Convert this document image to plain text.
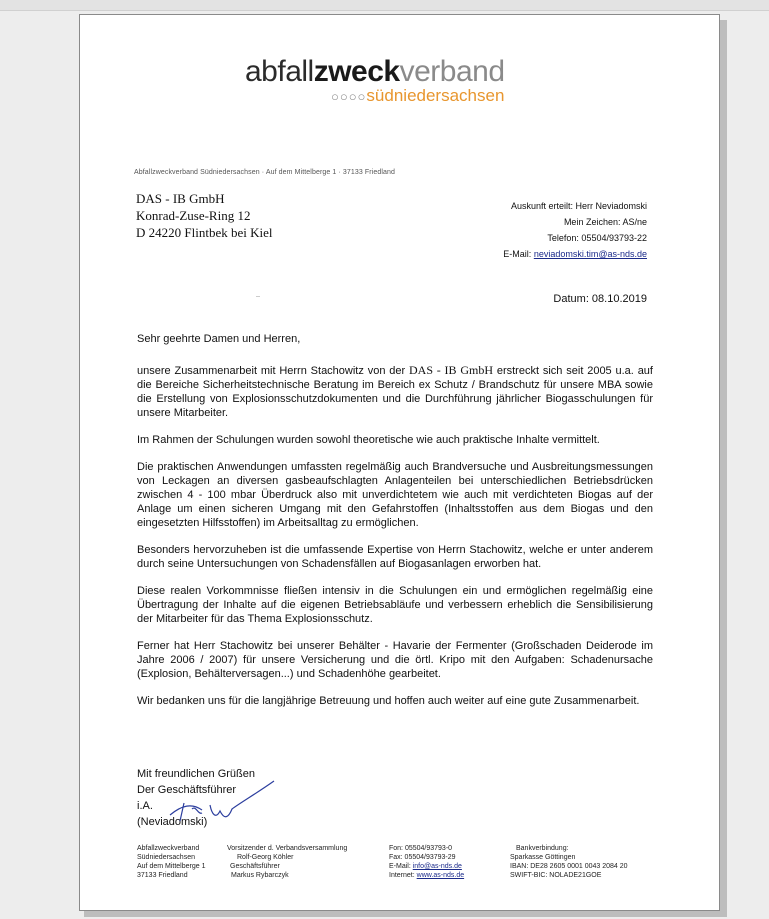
abfallzweckverband
○○○○südniedersachsen
Abfallzweckverband Südniedersachsen · Auf dem Mittelberge 1 · 37133 Friedland
DAS - IB GmbH
Konrad-Zuse-Ring 12
D 24220 Flintbek bei Kiel
Auskunft erteilt: Herr Neviadomski
Mein Zeichen: AS/ne
Telefon: 05504/93793-22
E-Mail: neviadomski.tim@as-nds.de
Datum: 08.10.2019

Sehr geehrte Damen und Herren,

unsere Zusammenarbeit mit Herrn Stachowitz von der DAS - IB GmbH erstreckt sich seit 2005 u.a. auf die Bereiche Sicherheitstechnische Beratung im Bereich ex Schutz / Brandschutz für unsere MBA sowie die Erstellung von Explosionsschutzdokumenten und die Durchführung jährlicher Biogasschulungen für unsere Mitarbeiter.

Im Rahmen der Schulungen wurden sowohl theoretische wie auch praktische Inhalte vermittelt.

Die praktischen Anwendungen umfassten regelmäßig auch Brandversuche und Ausbreitungsmessungen von Leckagen an diversen gasbeaufschlagten Anlagenteilen bei unterschiedlichen Betriebsdrücken zwischen 4 - 100 mbar Überdruck also mit unverdichtetem wie auch mit verdichteten Biogas auf der Anlage um einen sicheren Umgang mit den Gefahrstoffen (Inhaltsstoffen aus dem Biogas und den eingesetzten Hilfsstoffen) im Arbeitsalltag zu ermöglichen.

Besonders hervorzuheben ist die umfassende Expertise von Herrn Stachowitz, welche er unter anderem durch seine Untersuchungen von Schadensfällen auf Biogasanlagen erworben hat.

Diese realen Vorkommnisse fließen intensiv in die Schulungen ein und ermöglichen regelmäßig eine Übertragung der Inhalte auf die eigenen Betriebsabläufe und verbessern erheblich die Sensibilisierung der Mitarbeiter für das Thema Explosionsschutz.

Ferner hat Herr Stachowitz bei unserer Behälter - Havarie der Fermenter (Großschaden Deiderode im Jahre 2006 / 2007) für unsere Versicherung und die örtl. Kripo mit den Aufgaben: Schadenursache (Explosion, Behälterversagen...) und Schadenhöhe gearbeitet.

Wir bedanken uns für die langjährige Betreuung und hoffen auch weiter auf eine gute Zusammenarbeit.

Mit freundlichen Grüßen
Der Geschäftsführer
i.A.
(Neviadomski)
Abfallzweckverband
Südniedersachsen
Auf dem Mittelberge 1
37133 Friedland
Vorsitzender d. Verbandsversammlung
Rolf-Georg Köhler
Geschäftsführer
Markus Rybarczyk
Fon: 05504/93793-0
Fax: 05504/93793-29
E-Mail: info@as-nds.de
Internet: www.as-nds.de
Bankverbindung:
Sparkasse Göttingen
IBAN: DE28 2605 0001 0043 2084 20
SWIFT-BIC: NOLADE21GOE
